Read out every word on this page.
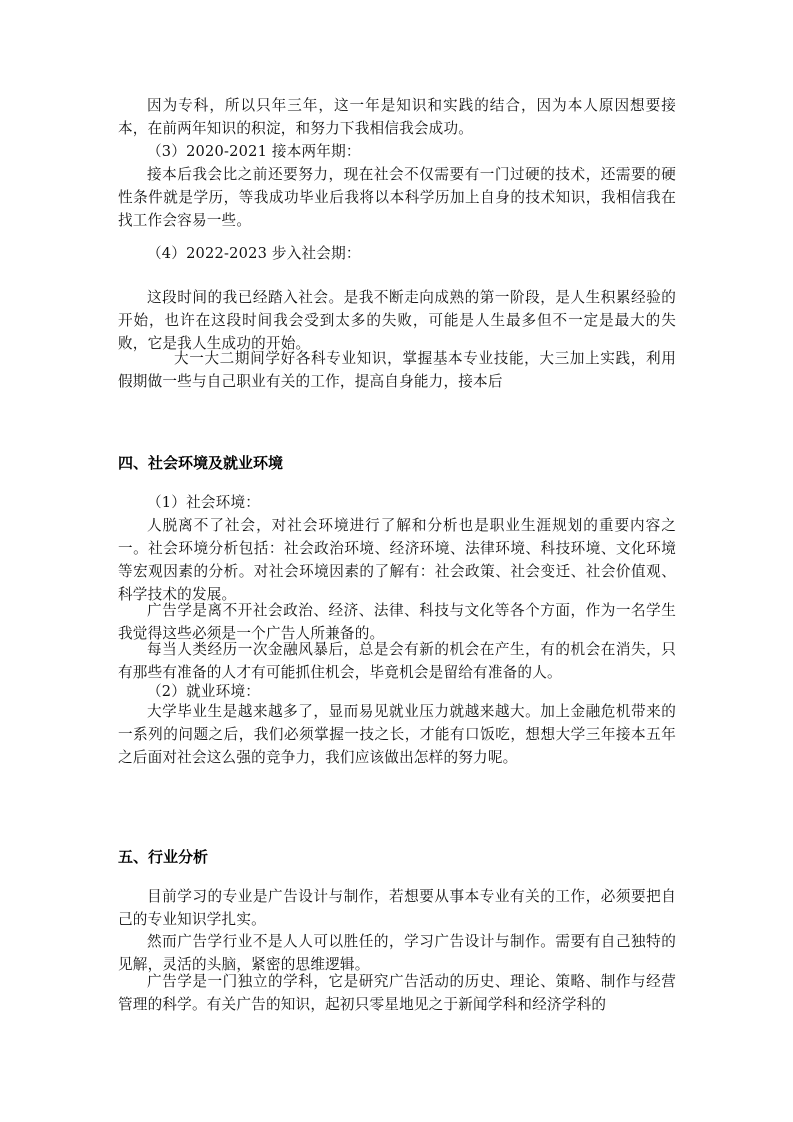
因为专科，所以只年三年，这一年是知识和实践的结合，因为本人原因想要接本，在前两年知识的积淀，和努力下我相信我会成功。

（3）2020-2021 接本两年期：

接本后我会比之前还要努力，现在社会不仅需要有一门过硬的技术，还需要的硬性条件就是学历，等我成功毕业后我将以本科学历加上自身的技术知识，我相信我在找工作会容易一些。

（4）2022-2023 步入社会期：

这段时间的我已经踏入社会。是我不断走向成熟的第一阶段，是人生积累经验的开始，也许在这段时间我会受到太多的失败，可能是人生最多但不一定是最大的失败，它是我人生成功的开始。

大一大二期间学好各科专业知识，掌握基本专业技能，大三加上实践，利用假期做一些与自己职业有关的工作，提高自身能力，接本后

四、社会环境及就业环境

（1）社会环境：

人脱离不了社会，对社会环境进行了解和分析也是职业生涯规划的重要内容之一。社会环境分析包括：社会政治环境、经济环境、法律环境、科技环境、文化环境等宏观因素的分析。对社会环境因素的了解有：社会政策、社会变迁、社会价值观、科学技术的发展。

广告学是离不开社会政治、经济、法律、科技与文化等各个方面，作为一名学生我觉得这些必须是一个广告人所兼备的。

每当人类经历一次金融风暴后，总是会有新的机会在产生，有的机会在消失，只有那些有准备的人才有可能抓住机会，毕竟机会是留给有准备的人。

（2）就业环境：

大学毕业生是越来越多了，显而易见就业压力就越来越大。加上金融危机带来的一系列的问题之后，我们必须掌握一技之长，才能有口饭吃，想想大学三年接本五年之后面对社会这么强的竞争力，我们应该做出怎样的努力呢。

五、行业分析

目前学习的专业是广告设计与制作，若想要从事本专业有关的工作，必须要把自己的专业知识学扎实。

然而广告学行业不是人人可以胜任的，学习广告设计与制作。需要有自己独特的见解，灵活的头脑，紧密的思维逻辑。

广告学是一门独立的学科，它是研究广告活动的历史、理论、策略、制作与经营管理的科学。有关广告的知识，起初只零星地见之于新闻学科和经济学科的
